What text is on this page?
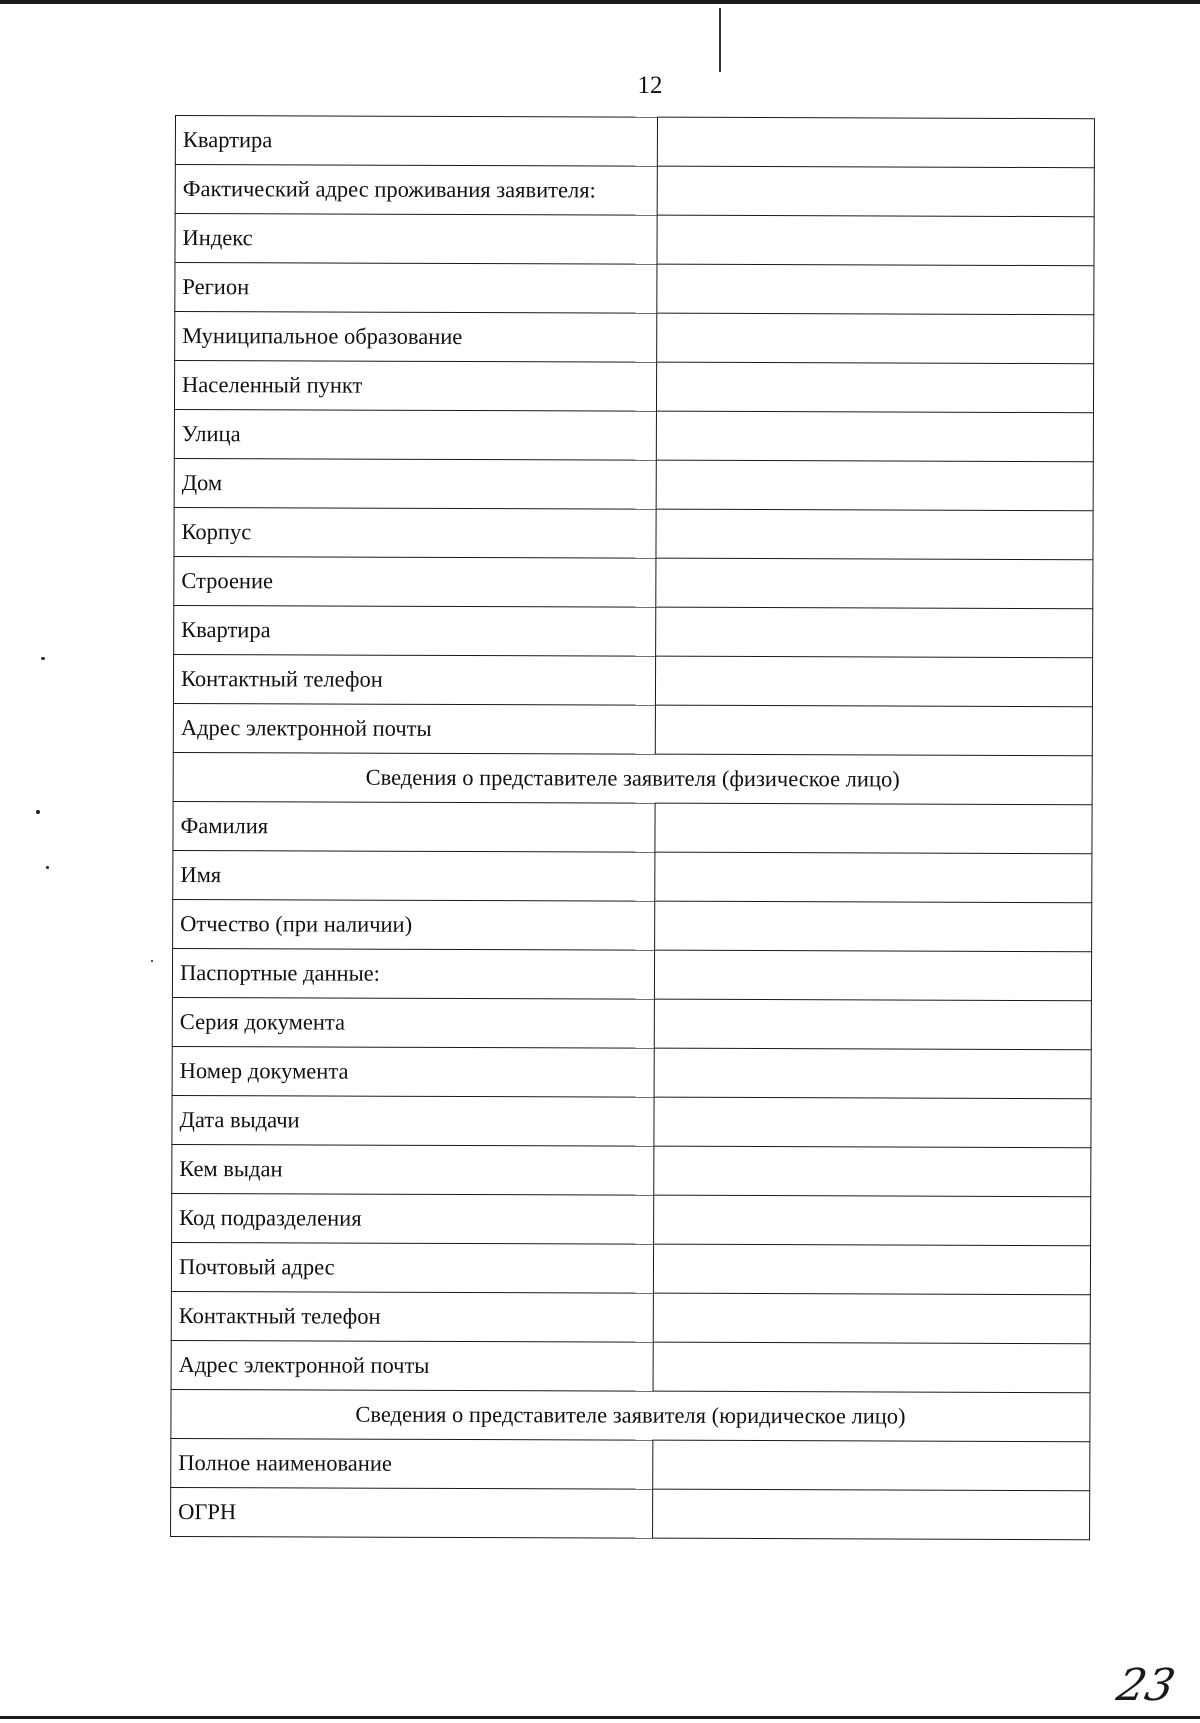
12
Квартира	
Фактический адрес проживания заявителя:	
Индекс	
Регион	
Муниципальное образование	
Населенный пункт	
Улица	
Дом	
Корпус	
Строение	
Квартира	
Контактный телефон	
Адрес электронной почты	
Сведения о представителе заявителя (физическое лицо)	
Фамилия	
Имя	
Отчество (при наличии)	
Паспортные данные:	
Серия документа	
Номер документа	
Дата выдачи	
Кем выдан	
Код подразделения	
Почтовый адрес	
Контактный телефон	
Адрес электронной почты	
Сведения о представителе заявителя (юридическое лицо)	
Полное наименование	
ОГРН	
23
